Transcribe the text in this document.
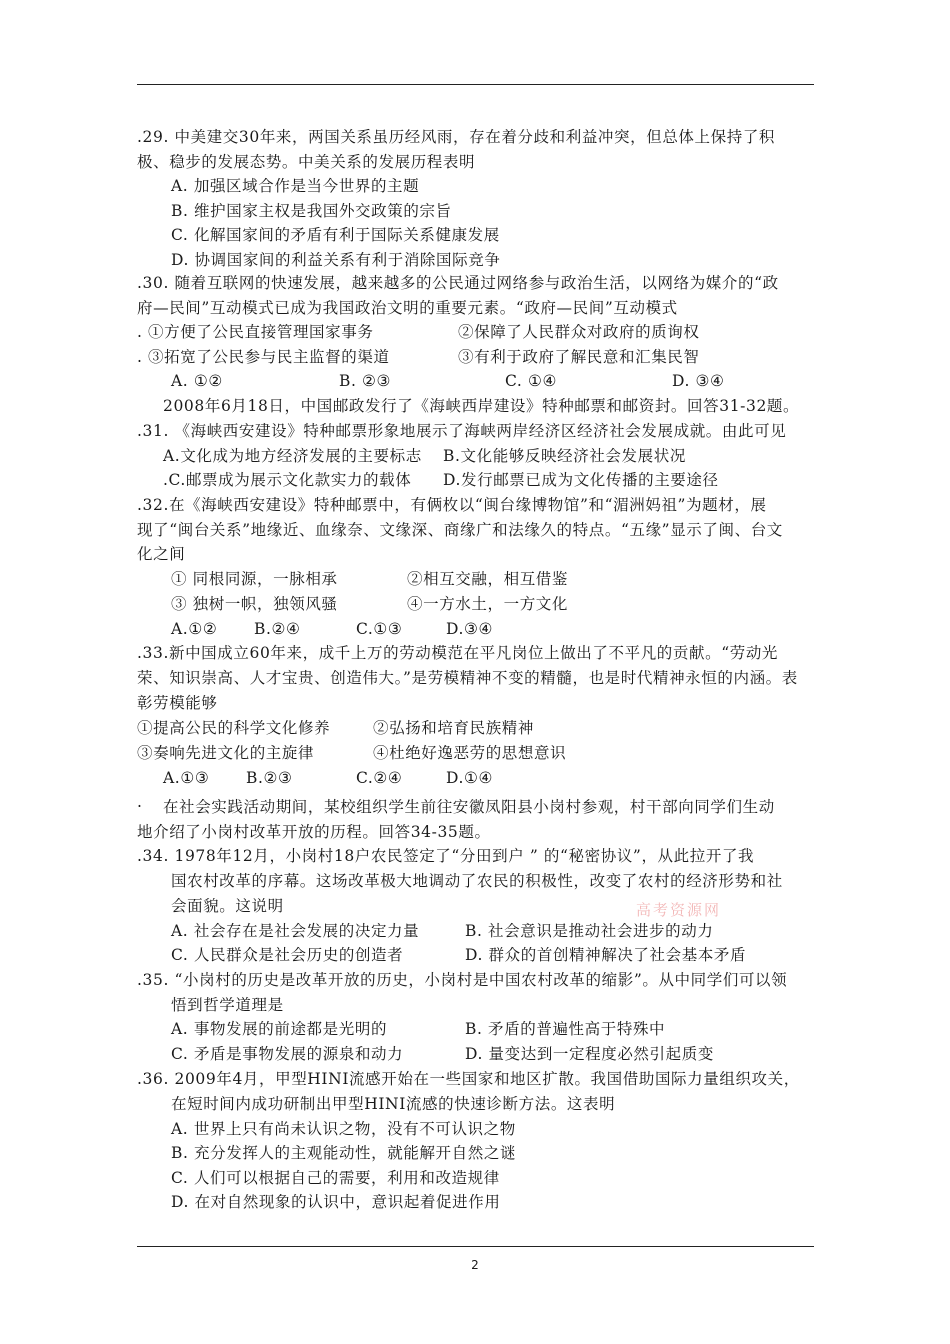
.29. 中美建交30年来，两国关系虽历经风雨，存在着分歧和利益冲突，但总体上保持了积
极、稳步的发展态势。中美关系的发展历程表明
A. 加强区域合作是当今世界的主题
B. 维护国家主权是我国外交政策的宗旨
C. 化解国家间的矛盾有利于国际关系健康发展
D. 协调国家间的利益关系有利于消除国际竞争
.30. 随着互联网的快速发展，越来越多的公民通过网络参与政治生活，以网络为媒介的“政
府—民间”互动模式已成为我国政治文明的重要元素。“政府—民间”互动模式
. ①方便了公民直接管理国家事务	②保障了人民群众对政府的质询权
. ③拓宽了公民参与民主监督的渠道	③有利于政府了解民意和汇集民智
A. ①②	B. ②③	C. ①④	D. ③④
2008年6月18日，中国邮政发行了《海峡西岸建设》特种邮票和邮资封。回答31-32题。
.31. 《海峡西安建设》特种邮票形象地展示了海峡两岸经济区经济社会发展成就。由此可见
A.文化成为地方经济发展的主要标志 B.文化能够反映经济社会发展状况
.C.邮票成为展示文化款实力的载体 D.发行邮票已成为文化传播的主要途径
.32.在《海峡西安建设》特种邮票中，有俩枚以“闽台缘博物馆”和“湄洲妈祖”为题材，展
现了“闽台关系”地缘近、血缘奈、文缘深、商缘广和法缘久的特点。“五缘”显示了闽、台文
化之间
① 同根同源，一脉相承	②相互交融，相互借鉴
③ 独树一帜，独领风骚	④一方水土，一方文化
A.①② B.②④	C.①③	D.③④
.33.新中国成立60年来，成千上万的劳动模范在平凡岗位上做出了不平凡的贡献。“劳动光
荣、知识崇高、人才宝贵、创造伟大。”是劳模精神不变的精髓，也是时代精神永恒的内涵。表
彰劳模能够
①提高公民的科学文化修养	②弘扬和培育民族精神
③奏响先进文化的主旋律	④杜绝好逸恶劳的思想意识
A.①③ B.②③	C.②④	D.①④
. 在社会实践活动期间，某校组织学生前往安徽凤阳县小岗村参观，村干部向同学们生动
地介绍了小岗村改革开放的历程。回答34-35题。
.34. 1978年12月，小岗村18户农民签定了“分田到户 ” 的“秘密协议”，从此拉开了我
国农村改革的序幕。这场改革极大地调动了农民的积极性，改变了农村的经济形势和社
会面貌。这说明
A. 社会存在是社会发展的决定力量	B. 社会意识是推动社会进步的动力
C. 人民群众是社会历史的创造者	D. 群众的首创精神解决了社会基本矛盾
.35. “小岗村的历史是改革开放的历史，小岗村是中国农村改革的缩影”。从中同学们可以领
悟到哲学道理是
A. 事物发展的前途都是光明的	B. 矛盾的普遍性高于特殊中
C. 矛盾是事物发展的源泉和动力	D. 量变达到一定程度必然引起质变
.36. 2009年4月，甲型HINI流感开始在一些国家和地区扩散。我国借助国际力量组织攻关，
在短时间内成功研制出甲型HINI流感的快速诊断方法。这表明
A. 世界上只有尚未认识之物，没有不可认识之物
B. 充分发挥人的主观能动性，就能解开自然之谜
C. 人们可以根据自己的需要，利用和改造规律
D. 在对自然现象的认识中，意识起着促进作用
高考资源网
2
